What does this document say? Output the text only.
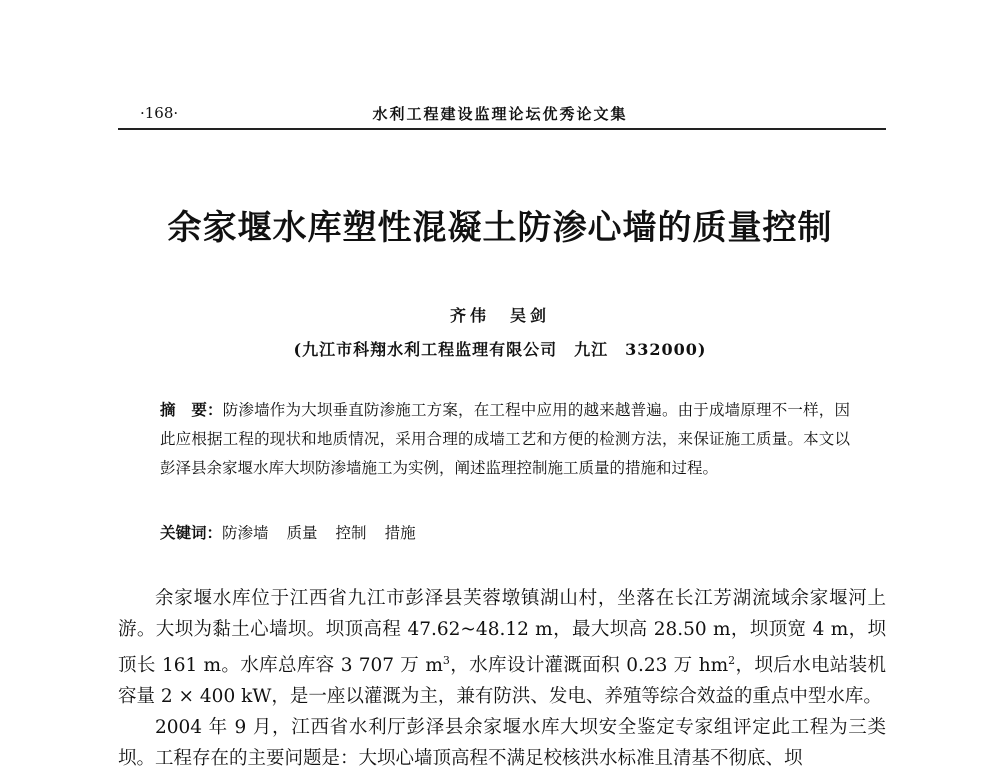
·168·	水利工程建设监理论坛优秀论文集
余家堰水库塑性混凝土防渗心墙的质量控制
齐伟　吴剑
(九江市科翔水利工程监理有限公司　九江　332000)
摘　要：防渗墙作为大坝垂直防渗施工方案，在工程中应用的越来越普遍。由于成墙原理不一样，因此应根据工程的现状和地质情况，采用合理的成墙工艺和方便的检测方法，来保证施工质量。本文以彭泽县余家堰水库大坝防渗墙施工为实例，阐述监理控制施工质量的措施和过程。
关键词：防渗墙 质量 控制 措施

余家堰水库位于江西省九江市彭泽县芙蓉墩镇湖山村，坐落在长江芳湖流域余家堰河上游。大坝为黏土心墙坝。坝顶高程 47.62~48.12 m，最大坝高 28.50 m，坝顶宽 4 m，坝顶长 161 m。水库总库容 3 707 万 $m^3$，水库设计灌溉面积 0.23 万 $hm^2$，坝后水电站装机容量 2 × 400 kW，是一座以灌溉为主，兼有防洪、发电、养殖等综合效益的重点中型水库。

2004 年 9 月，江西省水利厅彭泽县余家堰水库大坝安全鉴定专家组评定此工程为三类坝。工程存在的主要问题是：大坝心墙顶高程不满足校核洪水标准且清基不彻底、坝
